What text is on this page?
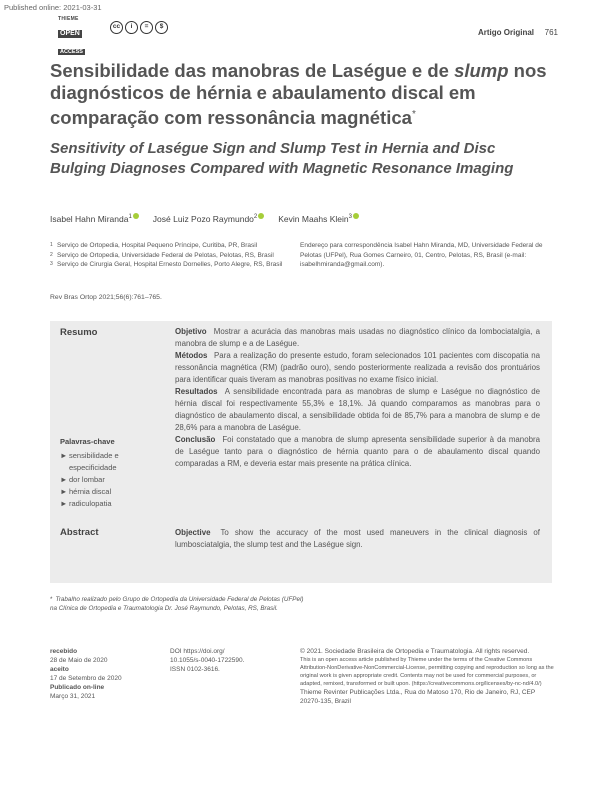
Published online: 2021-03-31
THIEME
OPEN
ACCESS
cc	i	=	$
Artigo Original 761
Sensibilidade das manobras de Laségue e de slump nos diagnósticos de hérnia e abaulamento discal em comparação com ressonância magnética*
Sensitivity of Laségue Sign and Slump Test in Hernia and Disc Bulging Diagnoses Compared with Magnetic Resonance Imaging
Isabel Hahn Miranda$^1$	José Luiz Pozo Raymundo$^2$	Kevin Maahs Klein$^3$
1 Serviço de Ortopedia, Hospital Pequeno Príncipe, Curitiba, PR, Brasil
2 Serviço de Ortopedia, Universidade Federal de Pelotas, Pelotas, RS, Brasil
3 Serviço de Cirurgia Geral, Hospital Ernesto Dornelles, Porto Alegre, RS, Brasil
Endereço para correspondência Isabel Hahn Miranda, MD, Universidade Federal de Pelotas (UFPel), Rua Gomes Carneiro, 01, Centro, Pelotas, RS, Brasil (e-mail: isabelhmiranda@gmail.com).
Rev Bras Ortop 2021;56(6):761–765.
Resumo	Objetivo Mostrar a acurácia das manobras mais usadas no diagnóstico clínico da lombociatalgia, a manobra de slump e a de Laségue.

Métodos Para a realização do presente estudo, foram selecionados 101 pacientes com discopatia na ressonância magnética (RM) (padrão ouro), sendo posteriormente realizada a revisão dos prontuários para identificar quais tiveram as manobras positivas no exame físico inicial.

Resultados A sensibilidade encontrada para as manobras de slump e Laségue no diagnóstico de hérnia discal foi respectivamente 55,3% e 18,1%. Já quando comparamos as manobras para o diagnóstico de abaulamento discal, a sensibilidade obtida foi de 85,7% para a manobra de slump e de 28,6% para a manobra de Laségue.

Conclusão Foi constatado que a manobra de slump apresenta sensibilidade superior à da manobra de Laségue tanto para o diagnóstico de hérnia quanto para o de abaulamento discal quando comparadas a RM, e deveria estar mais presente na prática clínica.

Palavras-chave
► sensibilidade e especificidade
► dor lombar
► hérnia discal
► radiculopatia
Abstract	Objective To show the accuracy of the most used maneuvers in the clinical diagnosis of lumbosciatalgia, the slump test and the Laségue sign.

* Trabalho realizado pelo Grupo de Ortopedia da Universidade Federal de Pelotas (UFPel) na Clínica de Ortopedia e Traumatologia Dr. José Raymundo, Pelotas, RS, Brasil.
recebido
28 de Maio de 2020
aceito
17 de Setembro de 2020
Publicado on-line
Março 31, 2021
DOI https://doi.org/
10.1055/s-0040-1722590.
ISSN 0102-3616.
© 2021. Sociedade Brasileira de Ortopedia e Traumatologia. All rights reserved.
This is an open access article published by Thieme under the terms of the Creative Commons Attribution-NonDerivative-NonCommercial-License, permitting copying and reproduction so long as the original work is given appropriate credit. Contents may not be used for commercial purposes, or adapted, remixed, transformed or built upon. (https://creativecommons.org/licenses/by-nc-nd/4.0/)
Thieme Revinter Publicações Ltda., Rua do Matoso 170, Rio de Janeiro, RJ, CEP 20270-135, Brazil
